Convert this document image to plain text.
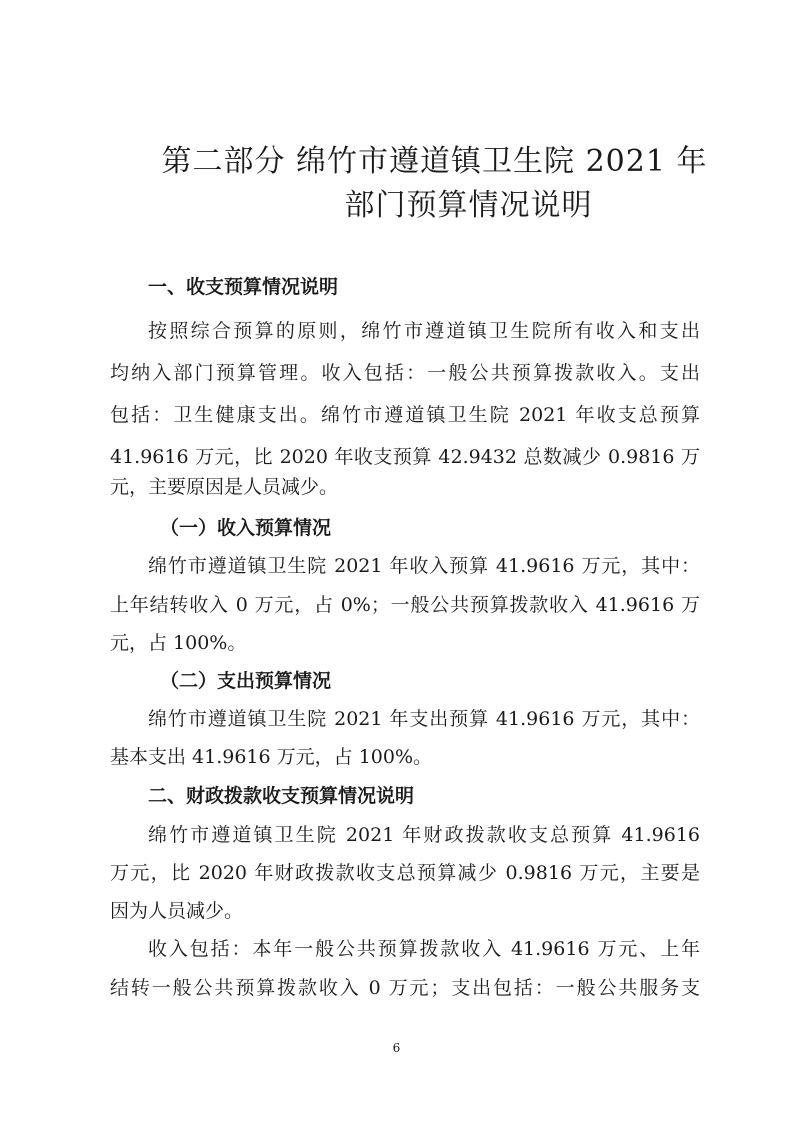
第二部分 绵竹市遵道镇卫生院 2021 年
部门预算情况说明

一、收支预算情况说明

按照综合预算的原则，绵竹市遵道镇卫生院所有收入和支出

均纳入部门预算管理。收入包括：一般公共预算拨款收入。支出

包括：卫生健康支出。绵竹市遵道镇卫生院 2021 年收支总预算

41.9616 万元，比 2020 年收支预算 42.9432 总数减少 0.9816 万

元，主要原因是人员减少。

（一）收入预算情况

绵竹市遵道镇卫生院 2021 年收入预算 41.9616 万元，其中：

上年结转收入 0 万元，占 0%；一般公共预算拨款收入 41.9616 万

元，占 100%。

（二）支出预算情况

绵竹市遵道镇卫生院 2021 年支出预算 41.9616 万元，其中：

基本支出 41.9616 万元，占 100%。

二、财政拨款收支预算情况说明

绵竹市遵道镇卫生院 2021 年财政拨款收支总预算 41.9616

万元，比 2020 年财政拨款收支总预算减少 0.9816 万元，主要是

因为人员减少。

收入包括：本年一般公共预算拨款收入 41.9616 万元、上年

结转一般公共预算拨款收入 0 万元；支出包括：一般公共服务支

6
